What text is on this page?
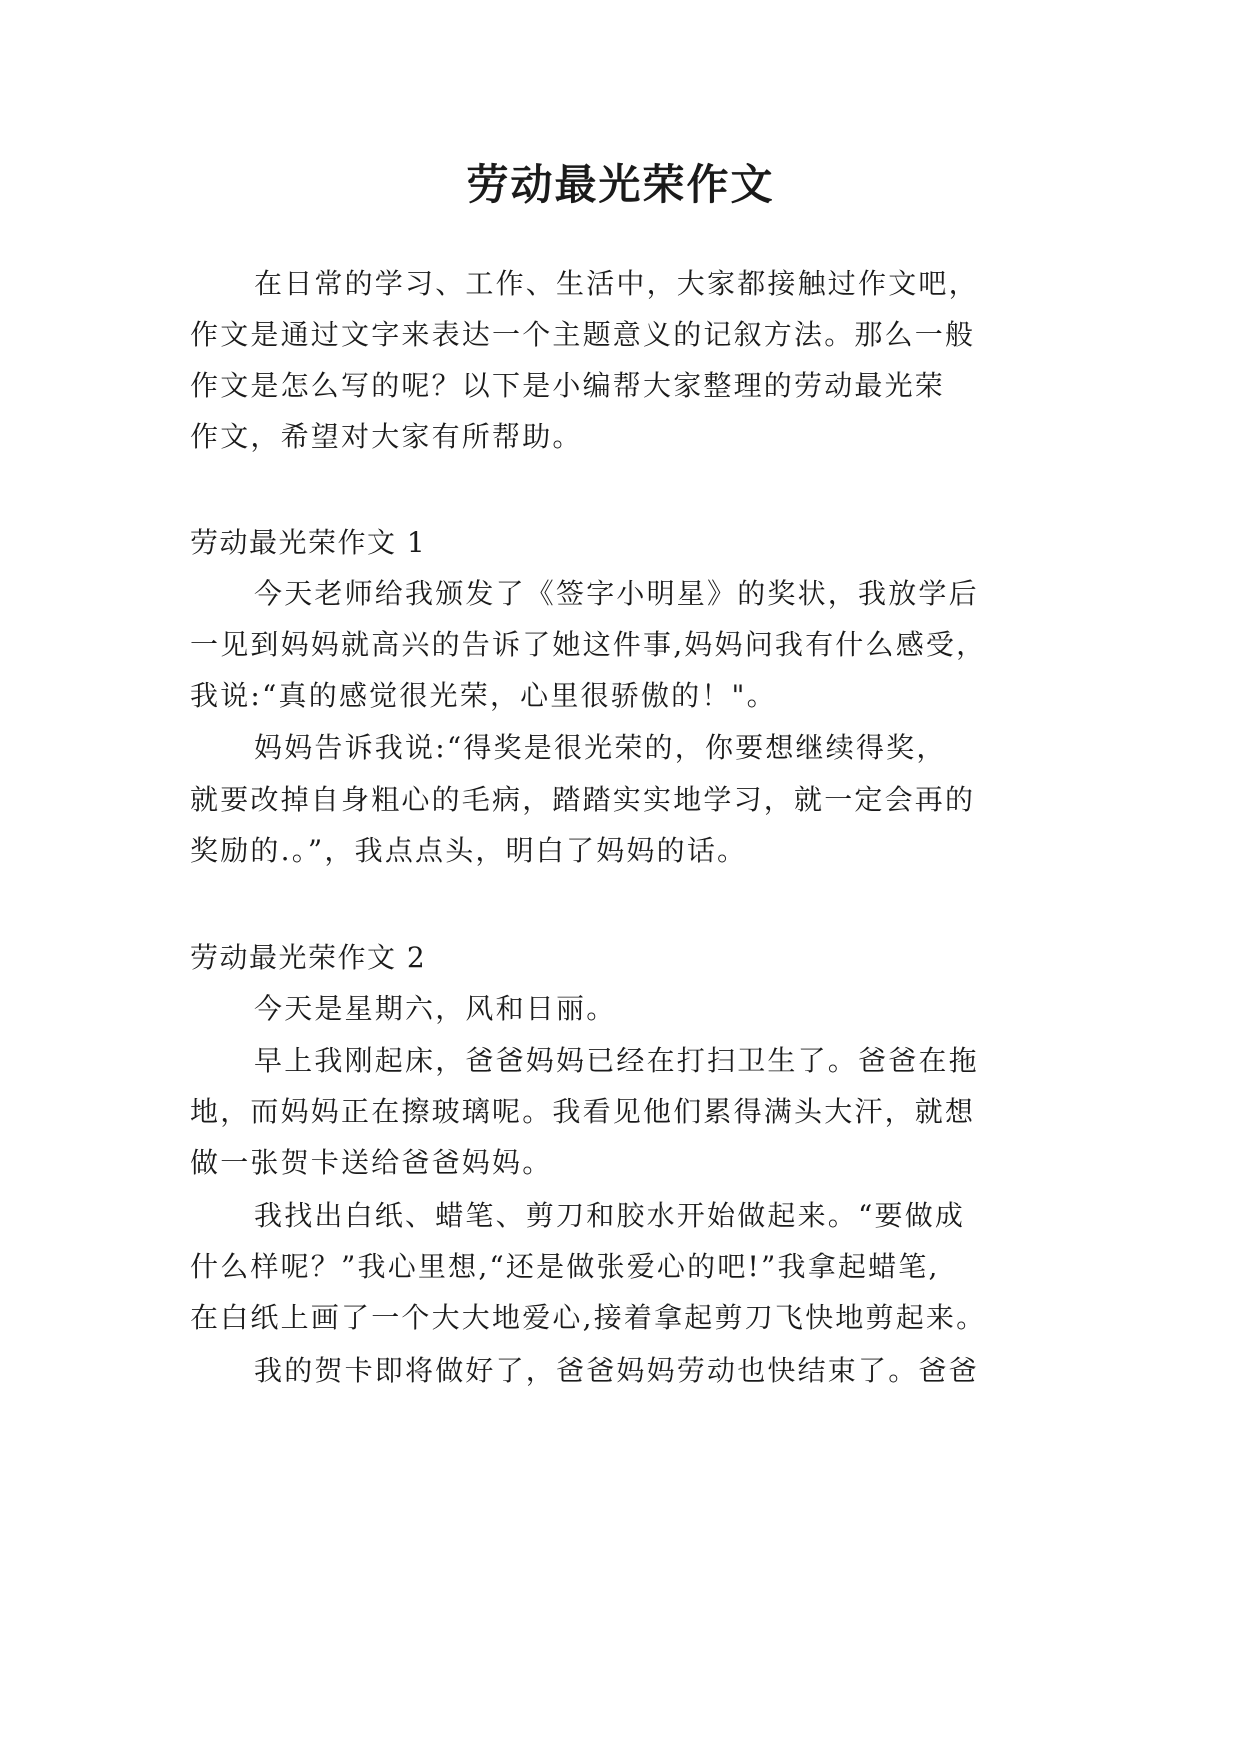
劳动最光荣作文
在日常的学习、工作、生活中，大家都接触过作文吧，
作文是通过文字来表达一个主题意义的记叙方法。那么一般
作文是怎么写的呢？以下是小编帮大家整理的劳动最光荣
作文，希望对大家有所帮助。
劳动最光荣作文 1
今天老师给我颁发了《签字小明星》的奖状，我放学后
一见到妈妈就高兴的告诉了她这件事,妈妈问我有什么感受，
我说:“真的感觉很光荣，心里很骄傲的！"。
妈妈告诉我说:“得奖是很光荣的，你要想继续得奖，
就要改掉自身粗心的毛病，踏踏实实地学习，就一定会再的
奖励的.。”，我点点头，明白了妈妈的话。
劳动最光荣作文 2
今天是星期六，风和日丽。
早上我刚起床，爸爸妈妈已经在打扫卫生了。爸爸在拖
地，而妈妈正在擦玻璃呢。我看见他们累得满头大汗，就想
做一张贺卡送给爸爸妈妈。
我找出白纸、蜡笔、剪刀和胶水开始做起来。“要做成
什么样呢？”我心里想,“还是做张爱心的吧!”我拿起蜡笔,
在白纸上画了一个大大地爱心,接着拿起剪刀飞快地剪起来。
我的贺卡即将做好了，爸爸妈妈劳动也快结束了。爸爸
